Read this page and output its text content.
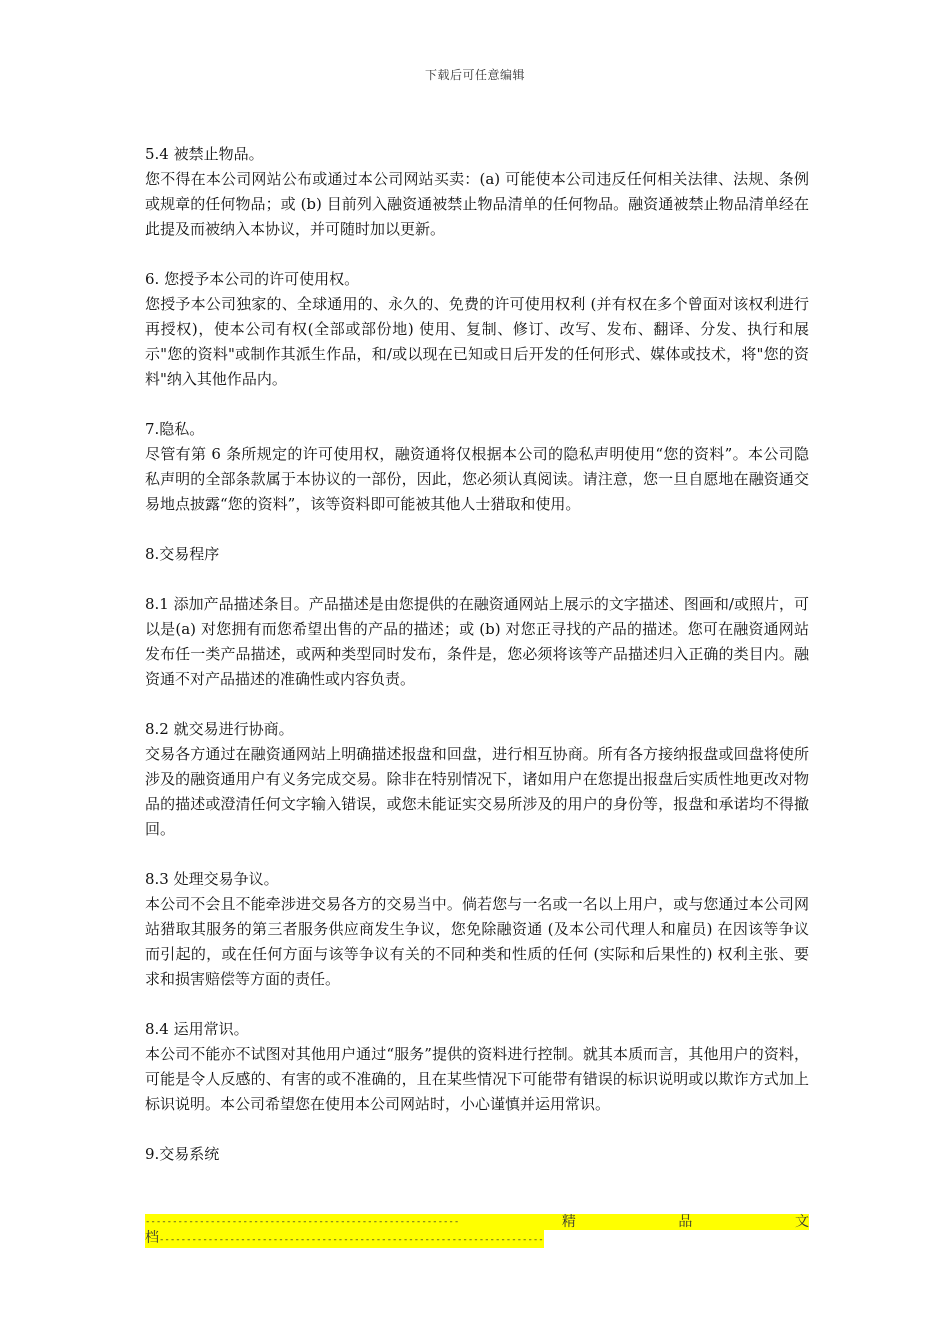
下载后可任意编辑

5.4 被禁止物品。

您不得在本公司网站公布或通过本公司网站买卖：(a) 可能使本公司违反任何相关法律、法规、条例或规章的任何物品；或 (b) 目前列入融资通被禁止物品清单的任何物品。融资通被禁止物品清单经在此提及而被纳入本协议，并可随时加以更新。

6. 您授予本公司的许可使用权。

您授予本公司独家的、全球通用的、永久的、免费的许可使用权利 (并有权在多个曾面对该权利进行再授权)，使本公司有权(全部或部份地) 使用、复制、修订、改写、发布、翻译、分发、执行和展示"您的资料"或制作其派生作品，和/或以现在已知或日后开发的任何形式、媒体或技术，将"您的资料"纳入其他作品内。

7.隐私。

尽管有第 6 条所规定的许可使用权，融资通将仅根据本公司的隐私声明使用“您的资料”。本公司隐私声明的全部条款属于本协议的一部份，因此，您必须认真阅读。请注意，您一旦自愿地在融资通交易地点披露“您的资料”，该等资料即可能被其他人士猎取和使用。

8.交易程序

8.1 添加产品描述条目。产品描述是由您提供的在融资通网站上展示的文字描述、图画和/或照片，可以是(a) 对您拥有而您希望出售的产品的描述；或 (b) 对您正寻找的产品的描述。您可在融资通网站发布任一类产品描述，或两种类型同时发布，条件是，您必须将该等产品描述归入正确的类目内。融资通不对产品描述的准确性或内容负责。

8.2 就交易进行协商。

交易各方通过在融资通网站上明确描述报盘和回盘，进行相互协商。所有各方接纳报盘或回盘将使所涉及的融资通用户有义务完成交易。除非在特别情况下，诸如用户在您提出报盘后实质性地更改对物品的描述或澄清任何文字输入错误，或您未能证实交易所涉及的用户的身份等，报盘和承诺均不得撤回。

8.3 处理交易争议。

本公司不会且不能牵涉进交易各方的交易当中。倘若您与一名或一名以上用户，或与您通过本公司网站猎取其服务的第三者服务供应商发生争议，您免除融资通 (及本公司代理人和雇员) 在因该等争议而引起的，或在任何方面与该等争议有关的不同种类和性质的任何 (实际和后果性的) 权利主张、要求和损害赔偿等方面的责任。

8.4 运用常识。

本公司不能亦不试图对其他用户通过“服务”提供的资料进行控制。就其本质而言，其他用户的资料，可能是令人反感的、有害的或不准确的，且在某些情况下可能带有错误的标识说明或以欺诈方式加上标识说明。本公司希望您在使用本公司网站时，小心谨慎并运用常识。

9.交易系统

----------------------------------------------------------	精	品	文
档-----------------------------------------------------------------------
